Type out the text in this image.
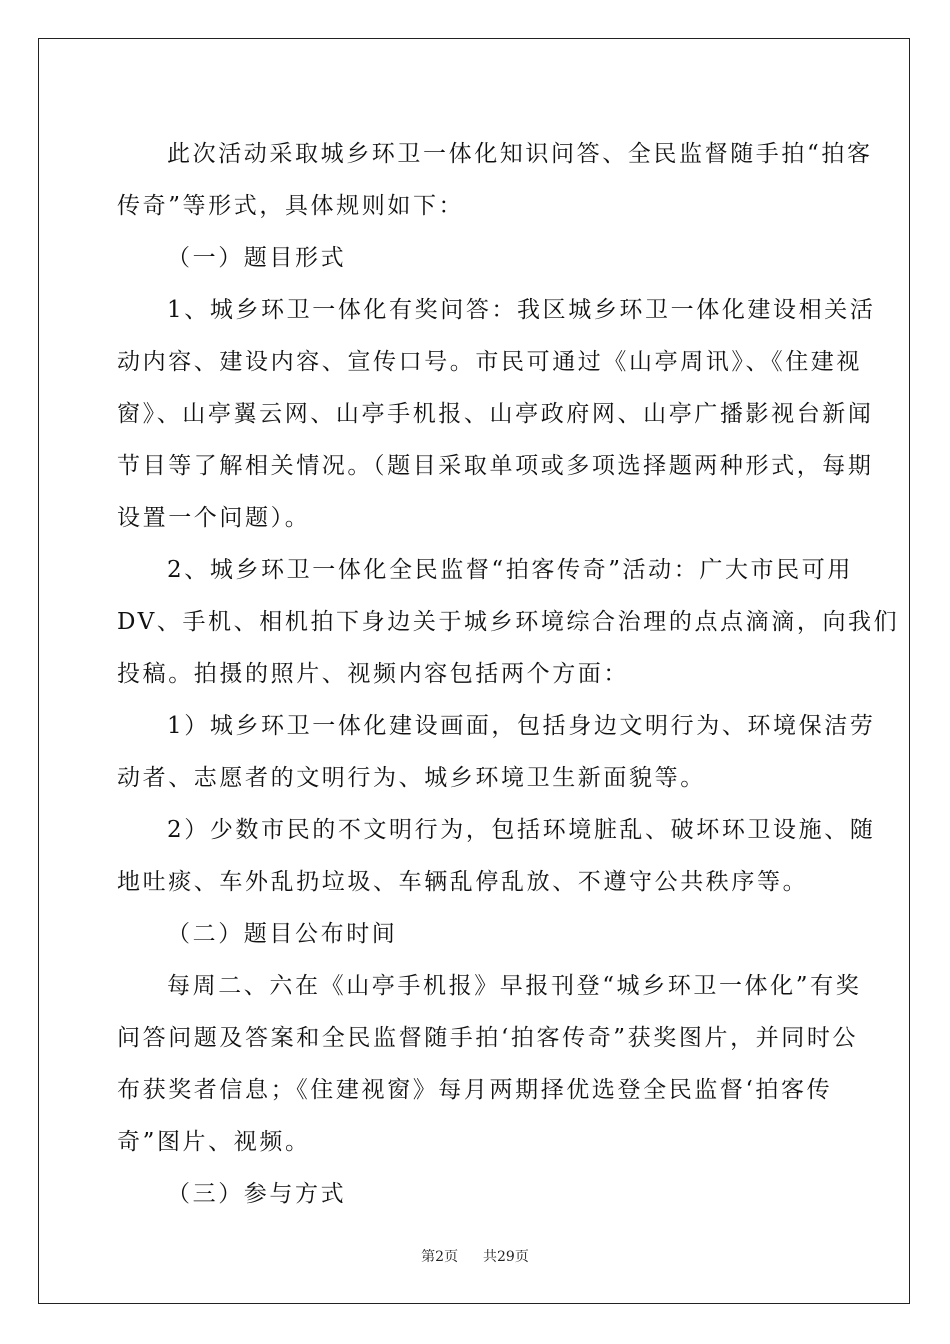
此次活动采取城乡环卫一体化知识问答、全民监督随手拍“拍客
传奇”等形式，具体规则如下：
（一）题目形式
1、城乡环卫一体化有奖问答：我区城乡环卫一体化建设相关活
动内容、建设内容、宣传口号。市民可通过《山亭周讯》、《住建视
窗》、山亭翼云网、山亭手机报、山亭政府网、山亭广播影视台新闻
节目等了解相关情况。（题目采取单项或多项选择题两种形式，每期
设置一个问题）。
2、城乡环卫一体化全民监督“拍客传奇”活动：广大市民可用
DV、手机、相机拍下身边关于城乡环境综合治理的点点滴滴，向我们
投稿。拍摄的照片、视频内容包括两个方面：
1）城乡环卫一体化建设画面，包括身边文明行为、环境保洁劳
动者、志愿者的文明行为、城乡环境卫生新面貌等。
2）少数市民的不文明行为，包括环境脏乱、破坏环卫设施、随
地吐痰、车外乱扔垃圾、车辆乱停乱放、不遵守公共秩序等。
（二）题目公布时间
每周二、六在《山亭手机报》早报刊登“城乡环卫一体化”有奖
问答问题及答案和全民监督随手拍‘拍客传奇”获奖图片，并同时公
布获奖者信息；《住建视窗》每月两期择优选登全民监督‘拍客传
奇”图片、视频。
（三）参与方式
第2页 共29页
